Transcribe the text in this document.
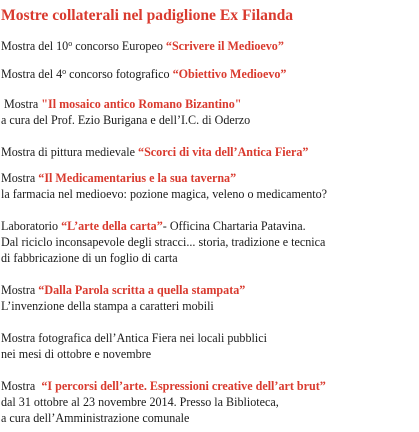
Mostre collaterali nel padiglione Ex Filanda
Mostra del 10$^o$ concorso Europeo “Scrivere il Medioevo”
Mostra del 4$^o$ concorso fotografico “Obiettivo Medioevo”
Mostra "Il mosaico antico Romano Bizantino"
a cura del Prof. Ezio Burigana e dell’I.C. di Oderzo
Mostra di pittura medievale “Scorci di vita dell’Antica Fiera”
Mostra “Il Medicamentarius e la sua taverna”
la farmacia nel medioevo: pozione magica, veleno o medicamento?
Laboratorio “L’arte della carta”- Officina Chartaria Patavina.
Dal riciclo inconsapevole degli stracci... storia, tradizione e tecnica
di fabbricazione di un foglio di carta
Mostra “Dalla Parola scritta a quella stampata”
L’invenzione della stampa a caratteri mobili
Mostra fotografica dell’Antica Fiera nei locali pubblici
nei mesi di ottobre e novembre
Mostra  “I percorsi dell’arte. Espressioni creative dell’art brut”
dal 31 ottobre al 23 novembre 2014. Presso la Biblioteca,
a cura dell’Amministrazione comunale
